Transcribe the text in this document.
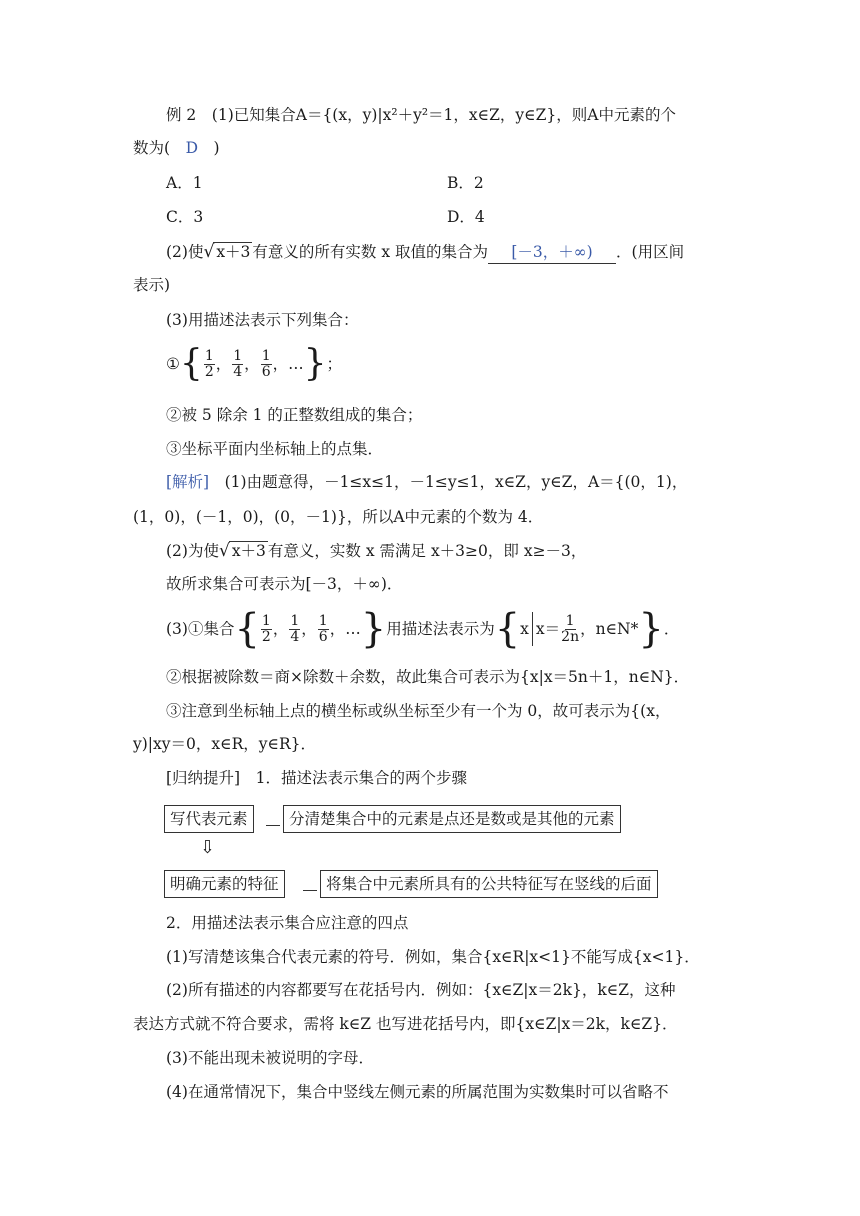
例 2　(1)已知集合A＝{(x，y)|x²＋y²＝1，x∈Z，y∈Z}，则A中元素的个
数为(　D　)
A．1	B．2
C．3	D．4
(2)使√ x＋3 有意义的所有实数 x 取值的集合为 [－3，＋∞) ．(用区间
表示)
(3)用描述法表示下列集合：
① { $\frac{1}{2}$ ， $\frac{1}{4}$ ， $\frac{1}{6}$ ， … } ；
②被 5 除余 1 的正整数组成的集合；
③坐标平面内坐标轴上的点集．
[解析]　(1)由题意得，－1≤x≤1，－1≤y≤1，x∈Z，y∈Z，A＝{(0，1)，
(1，0)，(－1，0)，(0，－1)}，所以A中元素的个数为 4．
(2)为使√ x＋3 有意义，实数 x 需满足 x＋3≥0，即 x≥－3，
故所求集合可表示为[－3，＋∞)．
(3)①集合 { $\frac{1}{2}$ ， $\frac{1}{4}$ ， $\frac{1}{6}$ ， … } 用描述法表示为 { x $x= \frac{1}{2n}$ ，n∈N* } ．
②根据被除数＝商×除数＋余数，故此集合可表示为{x|x＝5n＋1，n∈N}．
③注意到坐标轴上点的横坐标或纵坐标至少有一个为 0，故可表示为{(x，
y)|xy＝0，x∈R，y∈R}．
[归纳提升]　1．描述法表示集合的两个步骤
写代表元素	分清楚集合中的元素是点还是数或是其他的元素
⇩
明确元素的特征	将集合中元素所具有的公共特征写在竖线的后面
2．用描述法表示集合应注意的四点
(1)写清楚该集合代表元素的符号．例如，集合{x∈R|x<1}不能写成{x<1}．
(2)所有描述的内容都要写在花括号内．例如：{x∈Z|x＝2k}，k∈Z，这种
表达方式就不符合要求，需将 k∈Z 也写进花括号内，即{x∈Z|x＝2k，k∈Z}．
(3)不能出现未被说明的字母．
(4)在通常情况下，集合中竖线左侧元素的所属范围为实数集时可以省略不
